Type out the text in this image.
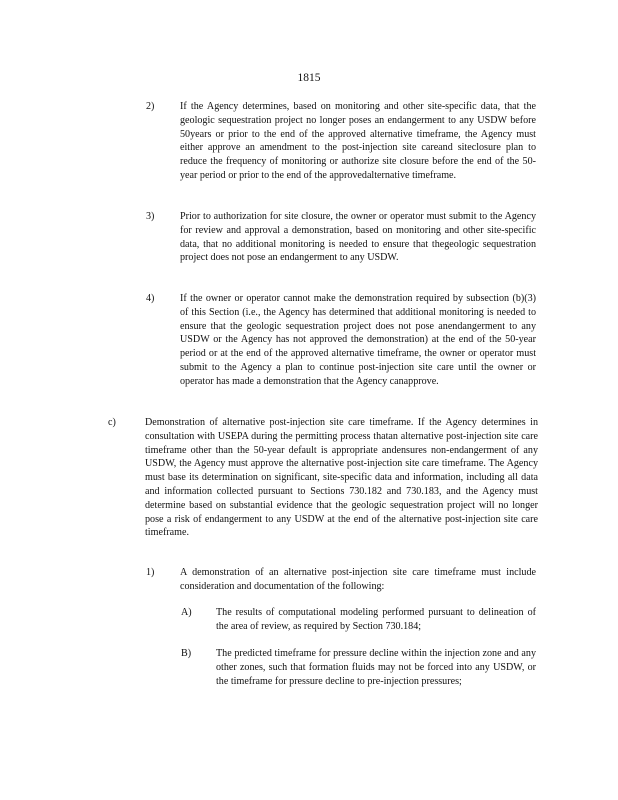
1815
2)	If the Agency determines, based on monitoring and other site-specific data, that the geologic sequestration project no longer poses an endangerment to any USDW before 50years or prior to the end of the approved alternative timeframe, the Agency must either approve an amendment to the post-injection site careand siteclosure plan to reduce the frequency of monitoring or authorize site closure before the end of the 50-year period or prior to the end of the approvedalternative timeframe.
3)	Prior to authorization for site closure, the owner or operator must submit to the Agency for review and approval a demonstration, based on monitoring and other site-specific data, that no additional monitoring is needed to ensure that thegeologic sequestration project does not pose an endangerment to any USDW.
4)	If the owner or operator cannot make the demonstration required by subsection (b)(3) of this Section (i.e., the Agency has determined that additional monitoring is needed to ensure that the geologic sequestration project does not pose anendangerment to any USDW or the Agency has not approved the demonstration) at the end of the 50-year period or at the end of the approved alternative timeframe, the owner or operator must submit to the Agency a plan to continue post-injection site care until the owner or operator has made a demonstration that the Agency canapprove.
c)	Demonstration of alternative post-injection site care timeframe. If the Agency determines in consultation with USEPA during the permitting process thatan alternative post-injection site care timeframe other than the 50-year default is appropriate andensures non-endangerment of any USDW, the Agency must approve the alternative post-injection site care timeframe. The Agency must base its determination on significant, site-specific data and information, including all data and information collected pursuant to Sections 730.182 and 730.183, and the Agency must determine based on substantial evidence that the geologic sequestration project will no longer pose a risk of endangerment to any USDW at the end of the alternative post-injection site care timeframe.
1)	A demonstration of an alternative post-injection site care timeframe must include consideration and documentation of the following:
A) The results of computational modeling performed pursuant to delineation of the area of review, as required by Section 730.184;
B) The predicted timeframe for pressure decline within the injection zone and any other zones, such that formation fluids may not be forced into any USDW, or the timeframe for pressure decline to pre-injection pressures;
